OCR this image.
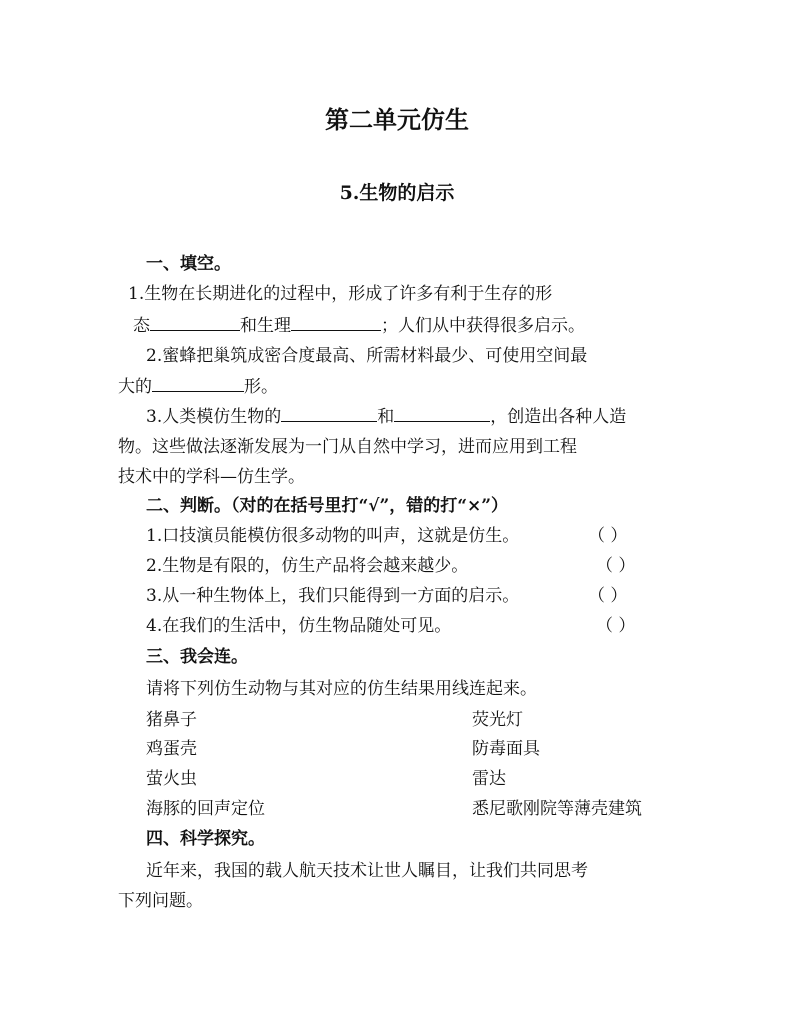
第二单元仿生
5.生物的启示
一、填空。
1.生物在长期进化的过程中，形成了许多有利于生存的形
态	和生理	；人们从中获得很多启示。
2.蜜蜂把巢筑成密合度最高、所需材料最少、可使用空间最
大的	形。
3.人类模仿生物的	和	，创造出各种人造
物。这些做法逐渐发展为一门从自然中学习，进而应用到工程
技术中的学科—仿生学。
二、判断。（对的在括号里打“√”，错的打“×”）
1.口技演员能模仿很多动物的叫声，这就是仿生。	（ ）
2.生物是有限的，仿生产品将会越来越少。	（ ）
3.从一种生物体上，我们只能得到一方面的启示。	（ ）
4.在我们的生活中，仿生物品随处可见。	（ ）
三、我会连。
请将下列仿生动物与其对应的仿生结果用线连起来。
猪鼻子	荧光灯
鸡蛋壳	防毒面具
萤火虫	雷达
海豚的回声定位	悉尼歌刚院等薄壳建筑
四、科学探究。
近年来，我国的载人航天技术让世人瞩目，让我们共同思考
下列问题。
